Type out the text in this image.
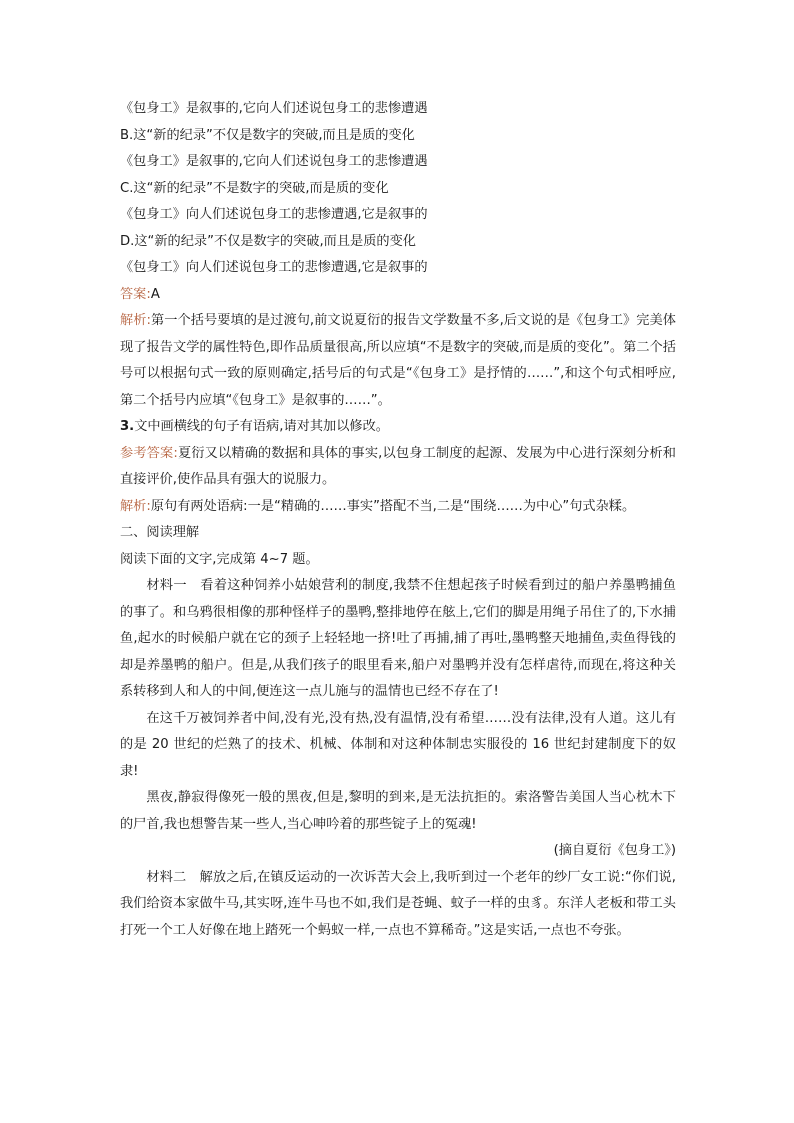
《包身工》是叙事的,它向人们述说包身工的悲惨遭遇
B.这“新的纪录”不仅是数字的突破,而且是质的变化
《包身工》是叙事的,它向人们述说包身工的悲惨遭遇
C.这“新的纪录”不是数字的突破,而是质的变化
《包身工》向人们述说包身工的悲惨遭遇,它是叙事的
D.这“新的纪录”不仅是数字的突破,而且是质的变化
《包身工》向人们述说包身工的悲惨遭遇,它是叙事的
答案:A
解析:第一个括号要填的是过渡句,前文说夏衍的报告文学数量不多,后文说的是《包身工》完美体现了报告文学的属性特色,即作品质量很高,所以应填“不是数字的突破,而是质的变化”。第二个括号可以根据句式一致的原则确定,括号后的句式是“《包身工》是抒情的……”,和这个句式相呼应,第二个括号内应填“《包身工》是叙事的……”。
3.文中画横线的句子有语病,请对其加以修改。
参考答案:夏衍又以精确的数据和具体的事实,以包身工制度的起源、发展为中心进行深刻分析和直接评价,使作品具有强大的说服力。
解析:原句有两处语病:一是“精确的……事实”搭配不当,二是“围绕……为中心”句式杂糅。
二、阅读理解
阅读下面的文字,完成第 4~7 题。
材料一　看着这种饲养小姑娘营利的制度,我禁不住想起孩子时候看到过的船户养墨鸭捕鱼的事了。和乌鸦很相像的那种怪样子的墨鸭,整排地停在舷上,它们的脚是用绳子吊住了的,下水捕鱼,起水的时候船户就在它的颈子上轻轻地一挤!吐了再捕,捕了再吐,墨鸭整天地捕鱼,卖鱼得钱的却是养墨鸭的船户。但是,从我们孩子的眼里看来,船户对墨鸭并没有怎样虐待,而现在,将这种关系转移到人和人的中间,便连这一点儿施与的温情也已经不存在了!
在这千万被饲养者中间,没有光,没有热,没有温情,没有希望……没有法律,没有人道。这儿有的是 20 世纪的烂熟了的技术、机械、体制和对这种体制忠实服役的 16 世纪封建制度下的奴隶!
黑夜,静寂得像死一般的黑夜,但是,黎明的到来,是无法抗拒的。索洛警告美国人当心枕木下的尸首,我也想警告某一些人,当心呻吟着的那些锭子上的冤魂!
(摘自夏衍《包身工》)
材料二　解放之后,在镇反运动的一次诉苦大会上,我听到过一个老年的纱厂女工说:“你们说,我们给资本家做牛马,其实呀,连牛马也不如,我们是苍蝇、蚊子一样的虫豸。东洋人老板和带工头打死一个工人好像在地上踏死一个蚂蚁一样,一点也不算稀奇。”这是实话,一点也不夸张。
